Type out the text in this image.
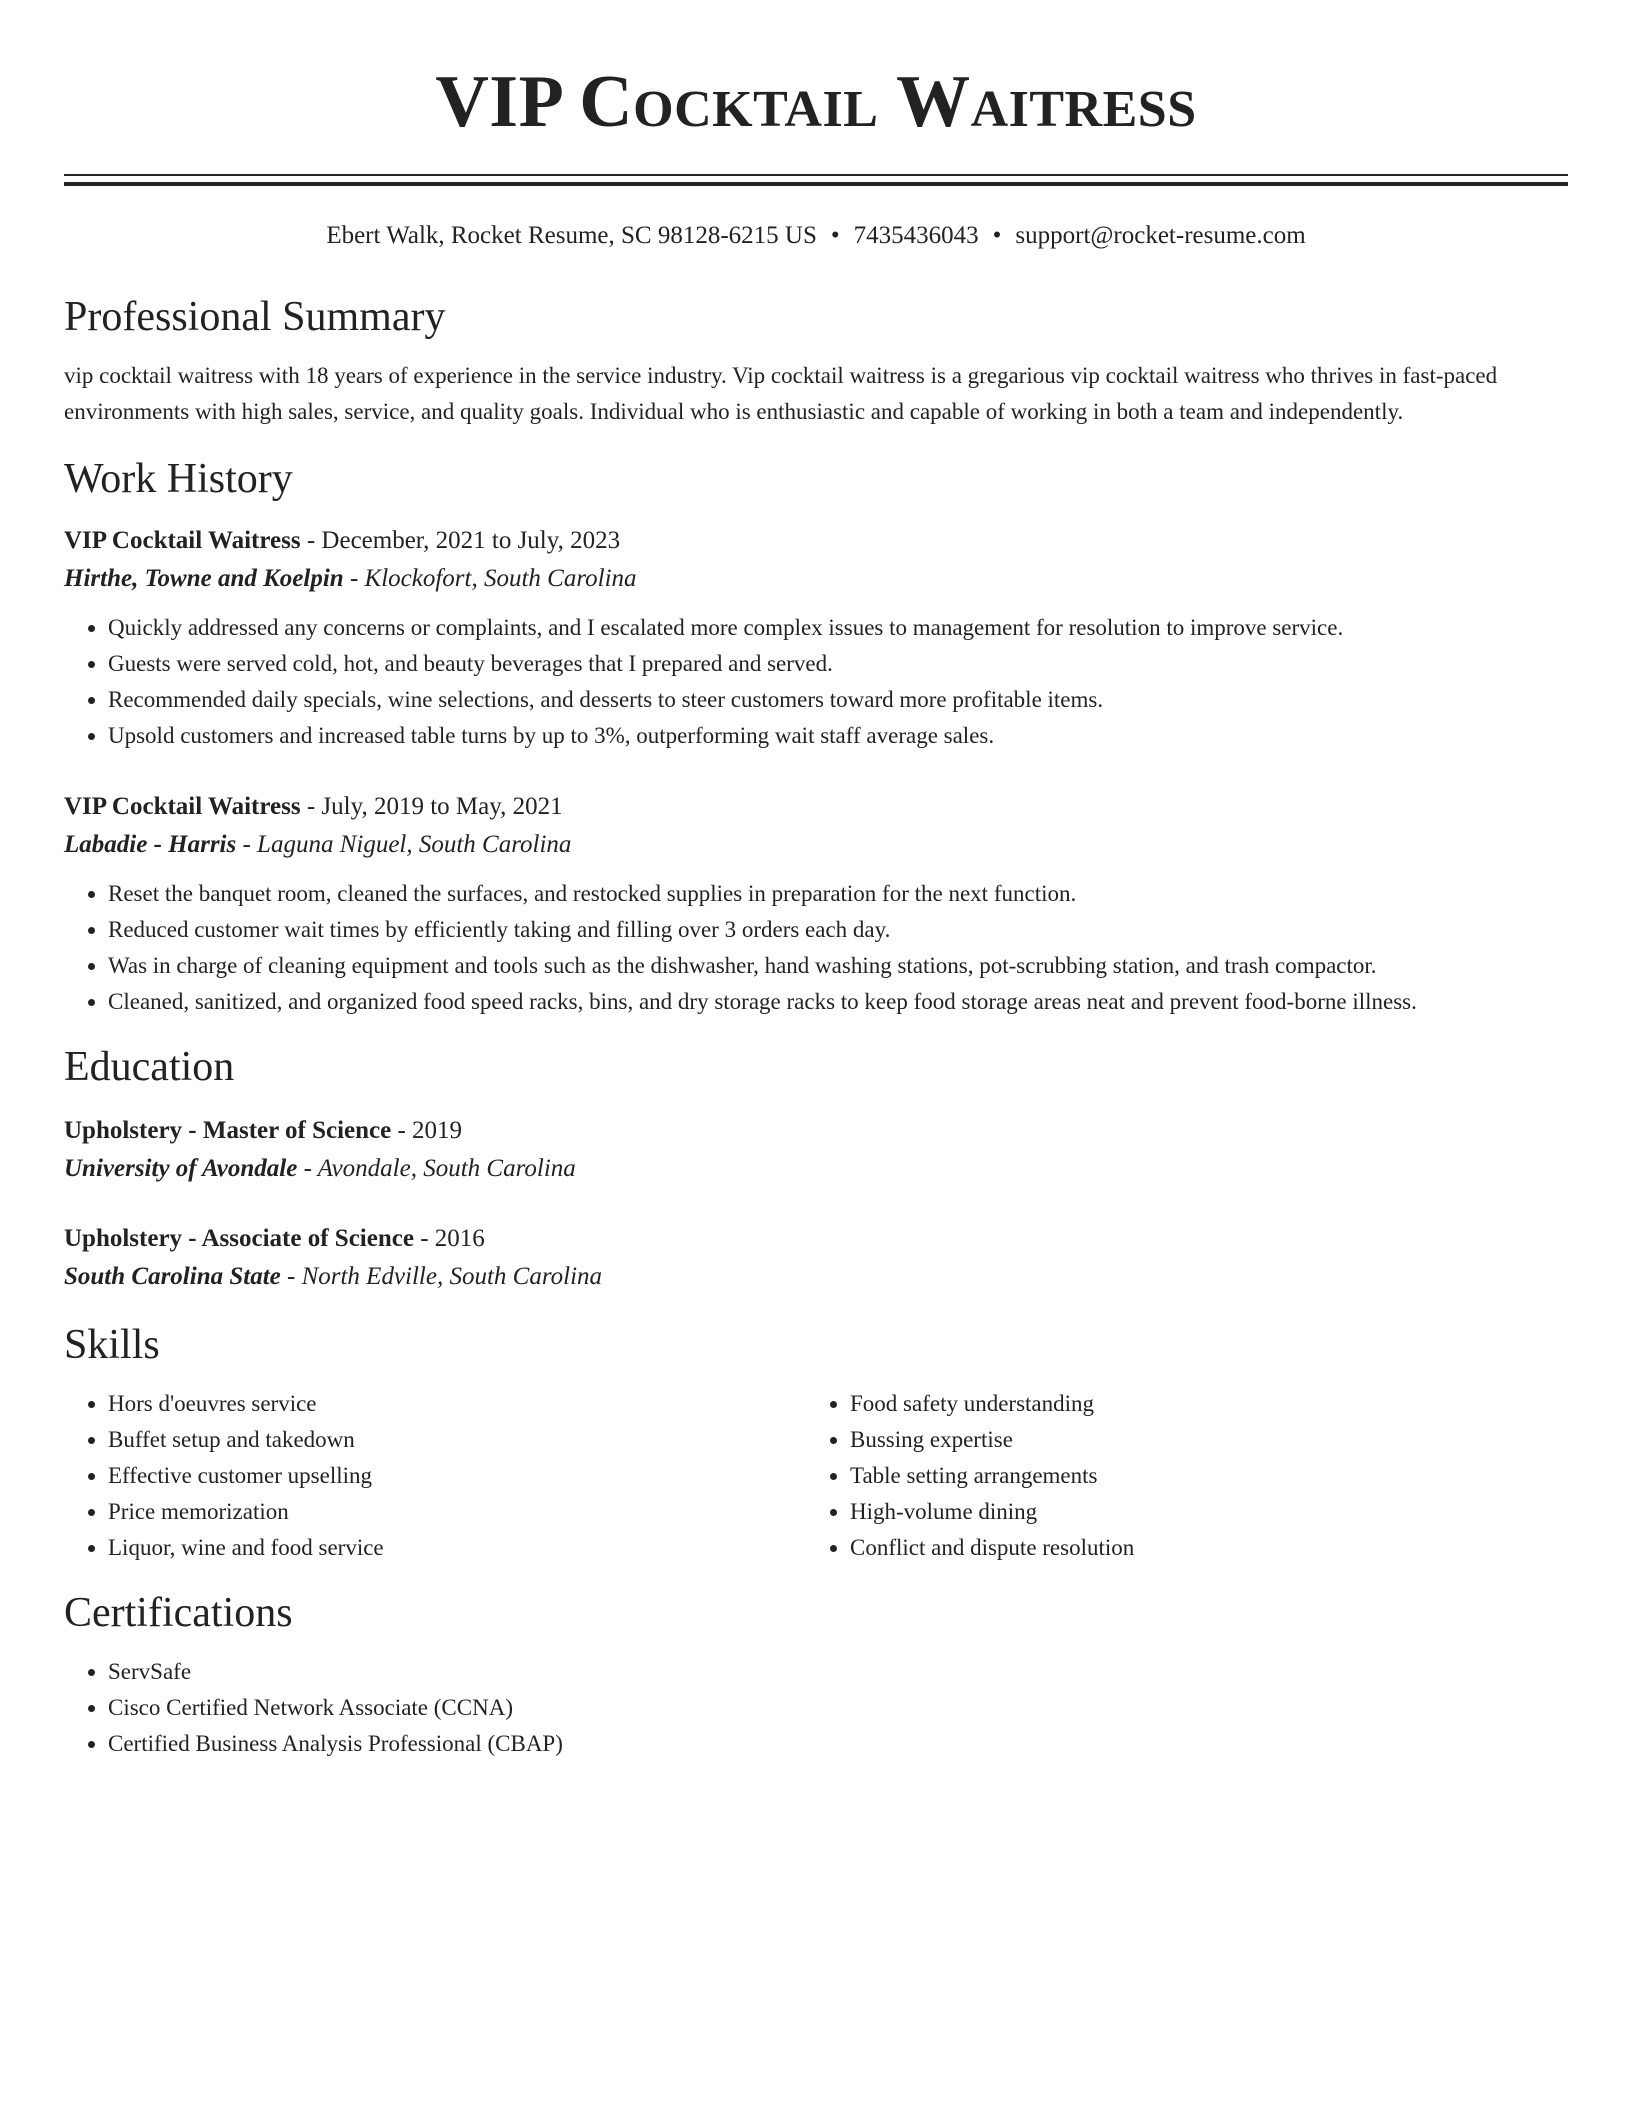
VIP Cocktail Waitress
Ebert Walk, Rocket Resume, SC 98128-6215 US • 7435436043 • support@rocket-resume.com
Professional Summary
vip cocktail waitress with 18 years of experience in the service industry. Vip cocktail waitress is a gregarious vip cocktail waitress who thrives in fast-paced environments with high sales, service, and quality goals. Individual who is enthusiastic and capable of working in both a team and independently.
Work History
VIP Cocktail Waitress - December, 2021 to July, 2023
Hirthe, Towne and Koelpin - Klockofort, South Carolina
• Quickly addressed any concerns or complaints, and I escalated more complex issues to management for resolution to improve service.
• Guests were served cold, hot, and beauty beverages that I prepared and served.
• Recommended daily specials, wine selections, and desserts to steer customers toward more profitable items.
• Upsold customers and increased table turns by up to 3%, outperforming wait staff average sales.
VIP Cocktail Waitress - July, 2019 to May, 2021
Labadie - Harris - Laguna Niguel, South Carolina
• Reset the banquet room, cleaned the surfaces, and restocked supplies in preparation for the next function.
• Reduced customer wait times by efficiently taking and filling over 3 orders each day.
• Was in charge of cleaning equipment and tools such as the dishwasher, hand washing stations, pot-scrubbing station, and trash compactor.
• Cleaned, sanitized, and organized food speed racks, bins, and dry storage racks to keep food storage areas neat and prevent food-borne illness.
Education
Upholstery - Master of Science - 2019
University of Avondale - Avondale, South Carolina
Upholstery - Associate of Science - 2016
South Carolina State - North Edville, South Carolina
Skills
• Hors d'oeuvres service
• Buffet setup and takedown
• Effective customer upselling
• Price memorization
• Liquor, wine and food service
• Food safety understanding
• Bussing expertise
• Table setting arrangements
• High-volume dining
• Conflict and dispute resolution
Certifications
• ServSafe
• Cisco Certified Network Associate (CCNA)
• Certified Business Analysis Professional (CBAP)
